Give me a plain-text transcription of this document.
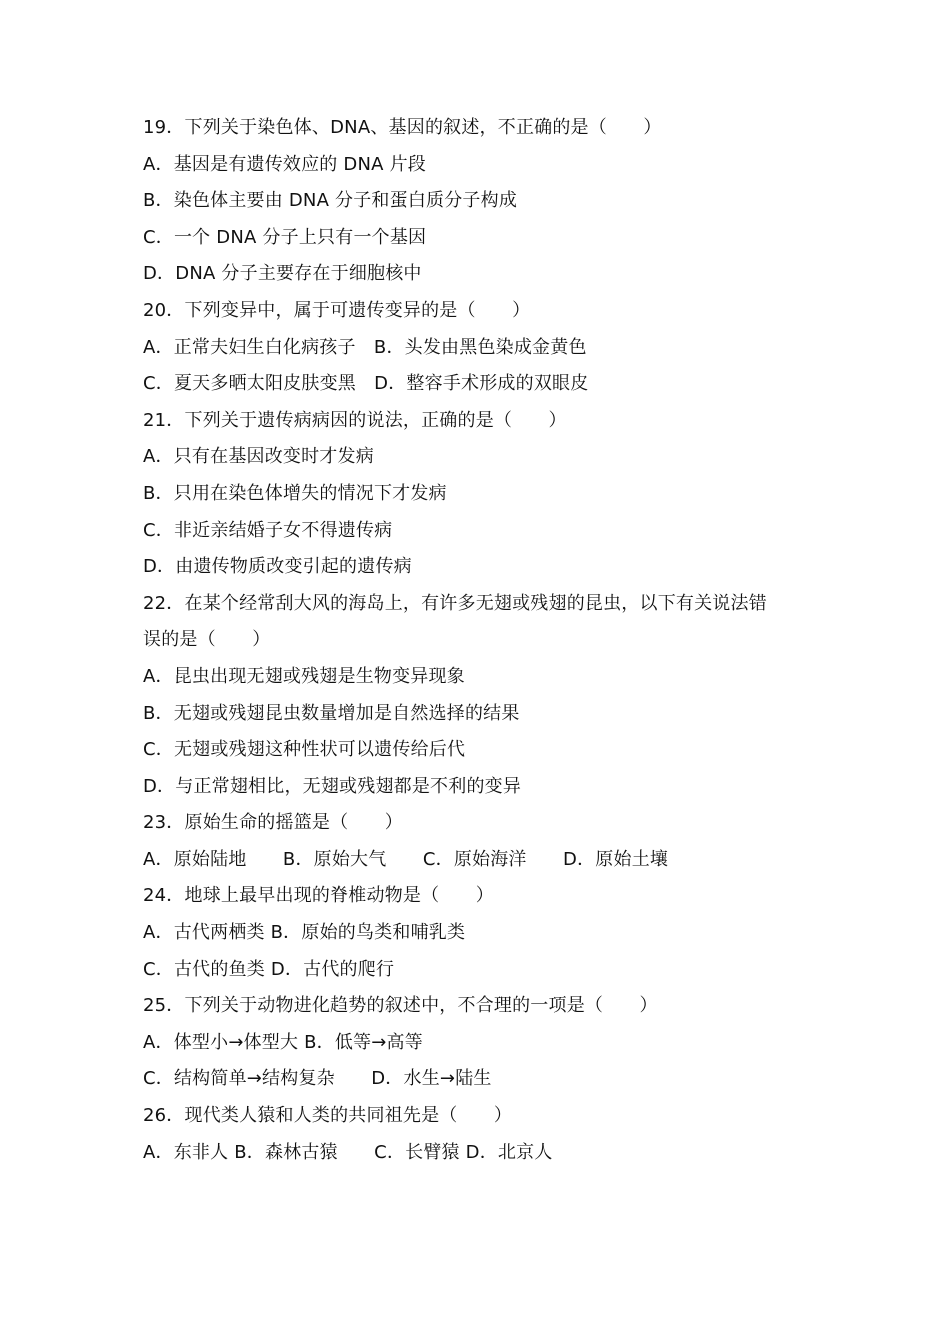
19．下列关于染色体、DNA、基因的叙述，不正确的是（　　）
A．基因是有遗传效应的 DNA 片段
B．染色体主要由 DNA 分子和蛋白质分子构成
C．一个 DNA 分子上只有一个基因
D．DNA 分子主要存在于细胞核中
20．下列变异中，属于可遗传变异的是（　　）
A．正常夫妇生白化病孩子　B．头发由黑色染成金黄色
C．夏天多晒太阳皮肤变黑　D．整容手术形成的双眼皮
21．下列关于遗传病病因的说法，正确的是（　　）
A．只有在基因改变时才发病
B．只用在染色体增失的情况下才发病
C．非近亲结婚子女不得遗传病
D．由遗传物质改变引起的遗传病
22．在某个经常刮大风的海岛上，有许多无翅或残翅的昆虫，以下有关说法错
误的是（　　）
A．昆虫出现无翅或残翅是生物变异现象
B．无翅或残翅昆虫数量增加是自然选择的结果
C．无翅或残翅这种性状可以遗传给后代
D．与正常翅相比，无翅或残翅都是不利的变异
23．原始生命的摇篮是（　　）
A．原始陆地　　B．原始大气　　C．原始海洋　　D．原始土壤
24．地球上最早出现的脊椎动物是（　　）
A．古代两栖类 B．原始的鸟类和哺乳类
C．古代的鱼类 D．古代的爬行
25．下列关于动物进化趋势的叙述中，不合理的一项是（　　）
A．体型小→体型大 B．低等→高等
C．结构简单→结构复杂　　D．水生→陆生
26．现代类人猿和人类的共同祖先是（　　）
A．东非人 B．森林古猿　　C．长臂猿 D．北京人
